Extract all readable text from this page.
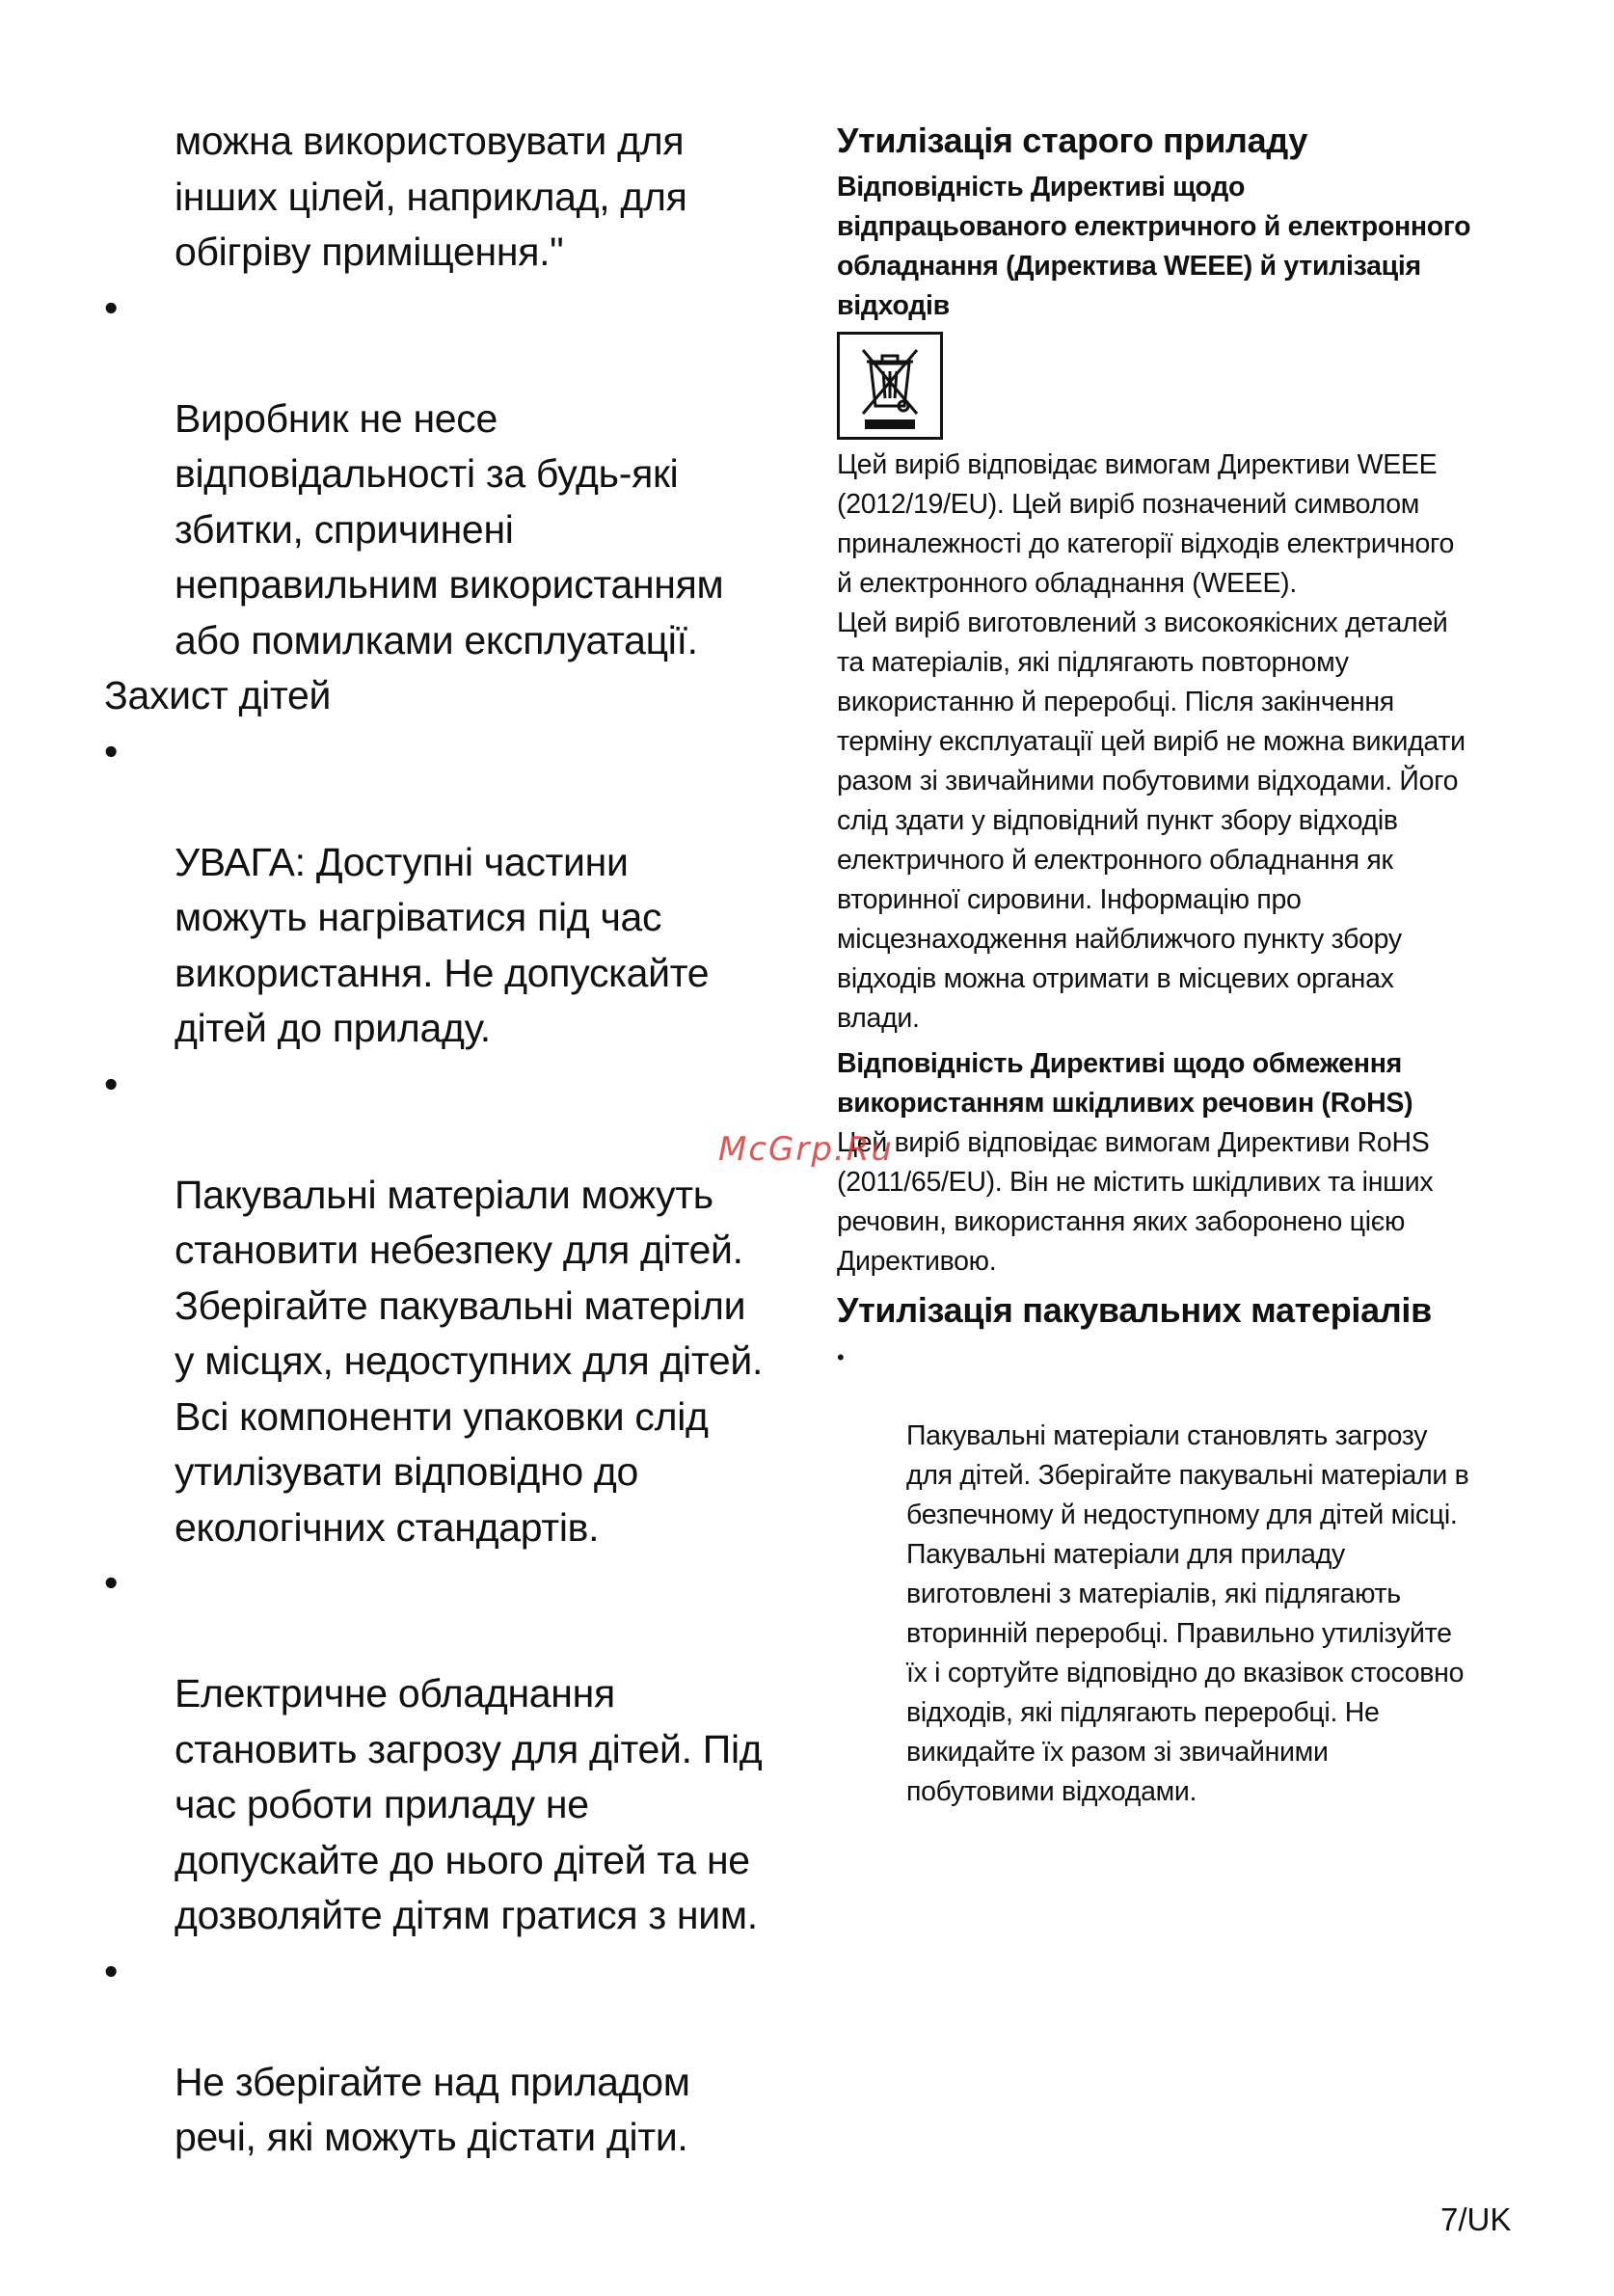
можна використовувати для
інших цілей, наприклад, для
обігріву приміщення."

•

Виробник не несе
відповідальності за будь-які
збитки, спричинені
неправильним використанням
або помилками експлуатації.

Захист дітей

•

УВАГА: Доступні частини
можуть нагріватися під час
використання. Не допускайте
дітей до приладу.

•

Пакувальні матеріали можуть
становити небезпеку для дітей.
Зберігайте пакувальні матеріли
у місцях, недоступних для дітей.
Всі компоненти упаковки слід
утилізувати відповідно до
екологічних стандартів.

•

Електричне обладнання
становить загрозу для дітей. Під
час роботи приладу не
допускайте до нього дітей та не
дозволяйте дітям гратися з ним.

•

Не зберігайте над приладом
речі, які можуть дістати діти.

Утилізація старого приладу
Відповідність Директиві щодо
відпрацьованого електричного й електронного
обладнання (Директива WEEE) й утилізація
відходів
Цей виріб відповідає вимогам Директиви WEEE
(2012/19/EU). Цей виріб позначений символом
приналежності до категорії відходів електричного
й електронного обладнання (WEEE).
Цей виріб виготовлений з високоякісних деталей
та матеріалів, які підлягають повторному
використанню й переробці. Після закінчення
терміну експлуатації цей виріб не можна викидати
разом зі звичайними побутовими відходами. Його
слід здати у відповідний пункт збору відходів
електричного й електронного обладнання як
вторинної сировини. Інформацію про
місцезнаходження найближчого пункту збору
відходів можна отримати в місцевих органах
влади.
Відповідність Директиві щодо обмеження
використанням шкідливих речовин (RoHS)
Цей виріб відповідає вимогам Директиви RoHS
(2011/65/EU). Він не містить шкідливих та інших
речовин, використання яких заборонено цією
Директивою.
Утилізація пакувальних матеріалів

•

Пакувальні матеріали становлять загрозу
для дітей. Зберігайте пакувальні матеріали в
безпечному й недоступному для дітей місці.
Пакувальні матеріали для приладу
виготовлені з матеріалів, які підлягають
вторинній переробці. Правильно утилізуйте
їх і сортуйте відповідно до вказівок стосовно
відходів, які підлягають переробці. Не
викидайте їх разом зі звичайними
побутовими відходами.

McGrp.Ru
7/UK
